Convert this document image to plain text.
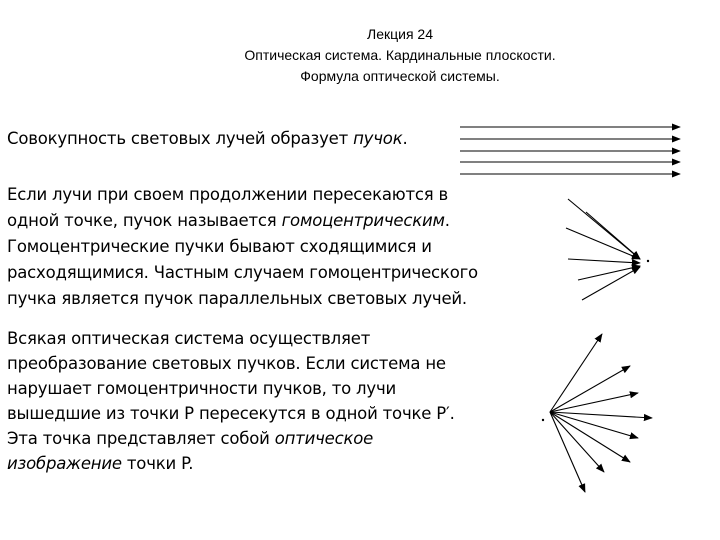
Лекция 24
Оптическая система. Кардинальные плоскости.
Формула оптической системы.
Совокупность световых лучей образует пучок.
Если лучи при своем продолжении пересекаются в
одной точке, пучок называется гомоцентрическим.
Гомоцентрические пучки бывают сходящимися и
расходящимися. Частным случаем гомоцентрического
пучка является пучок параллельных световых лучей.
Всякая оптическая система осуществляет
преобразование световых пучков. Если система не
нарушает гомоцентричности пучков, то лучи
вышедшие из точки P пересекутся в одной точке P′.
Эта точка представляет собой оптическое
изображение точки P.
